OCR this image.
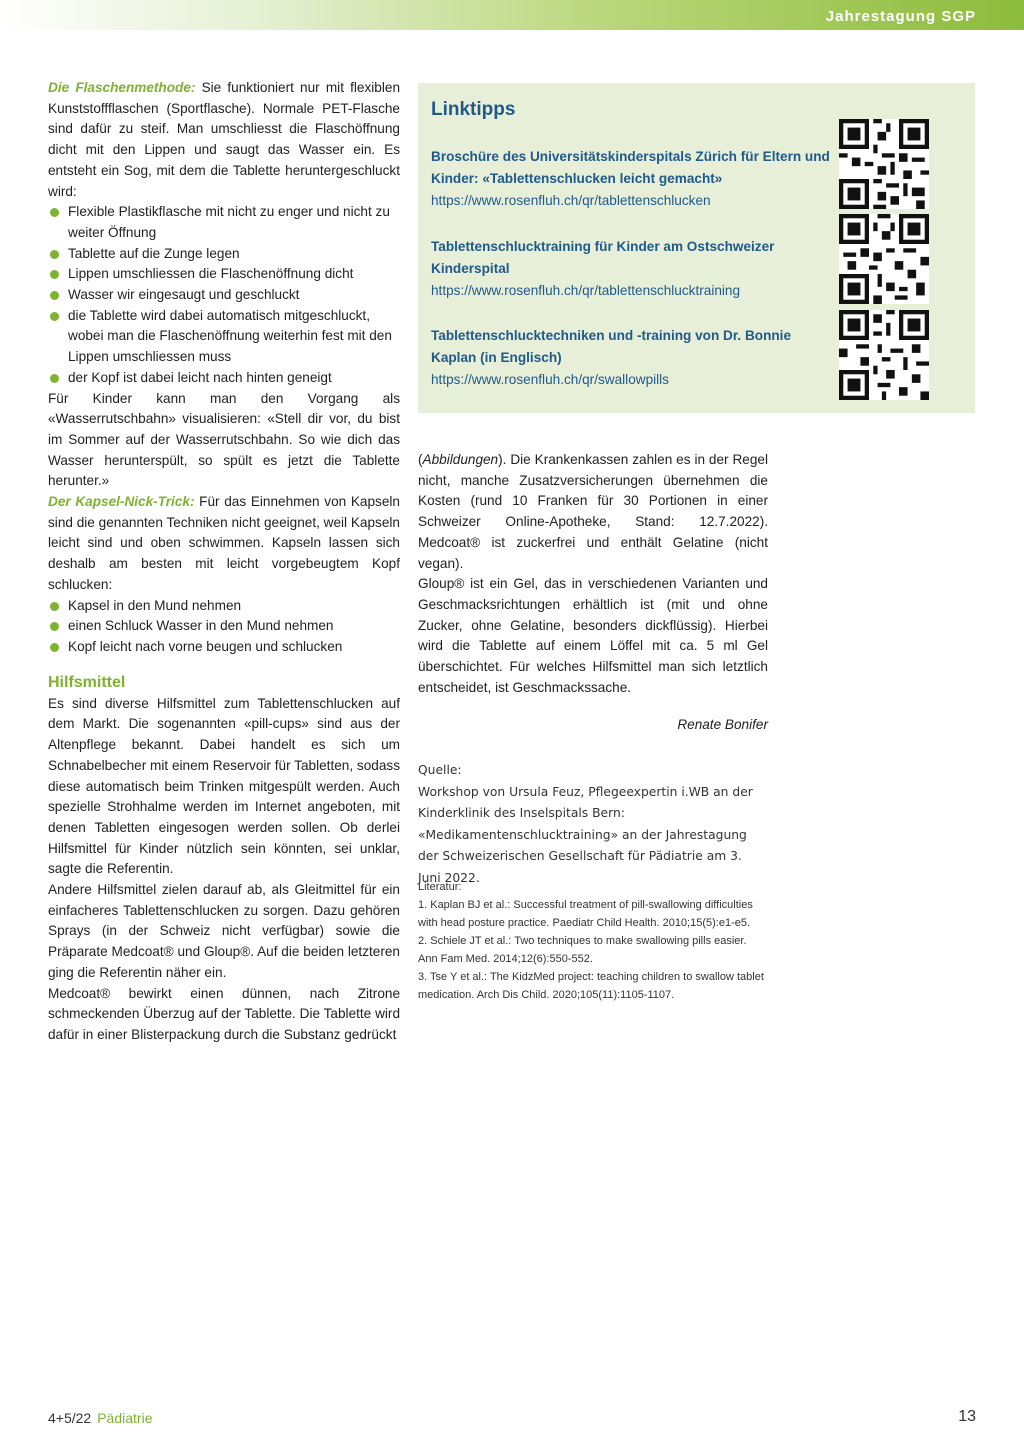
Jahrestagung SGP

Die Flaschenmethode: Sie funktioniert nur mit flexiblen Kunststoffflaschen (Sportflasche). Normale PET-Flasche sind dafür zu steif. Man umschliesst die Flaschöffnung dicht mit den Lippen und saugt das Wasser ein. Es entsteht ein Sog, mit dem die Tablette heruntergeschluckt wird:

Flexible Plastikflasche mit nicht zu enger und nicht zu weiter Öffnung
Tablette auf die Zunge legen
Lippen umschliessen die Flaschenöffnung dicht
Wasser wir eingesaugt und geschluckt
die Tablette wird dabei automatisch mitgeschluckt, wobei man die Flaschenöffnung weiterhin fest mit den Lippen umschliessen muss
der Kopf ist dabei leicht nach hinten geneigt

Für Kinder kann man den Vorgang als «Wasserrutschbahn» visualisieren: «Stell dir vor, du bist im Sommer auf der Wasserrutschbahn. So wie dich das Wasser herunterspült, so spült es jetzt die Tablette herunter.»

Der Kapsel-Nick-Trick: Für das Einnehmen von Kapseln sind die genannten Techniken nicht geeignet, weil Kapseln leicht sind und oben schwimmen. Kapseln lassen sich deshalb am besten mit leicht vorgebeugtem Kopf schlucken:

Kapsel in den Mund nehmen
einen Schluck Wasser in den Mund nehmen
Kopf leicht nach vorne beugen und schlucken
Hilfsmittel

Es sind diverse Hilfsmittel zum Tablettenschlucken auf dem Markt. Die sogenannten «pill-cups» sind aus der Altenpflege bekannt. Dabei handelt es sich um Schnabelbecher mit einem Reservoir für Tabletten, sodass diese automatisch beim Trinken mitgespült werden. Auch spezielle Strohhalme werden im Internet angeboten, mit denen Tabletten eingesogen werden sollen. Ob derlei Hilfsmittel für Kinder nützlich sein könnten, sei unklar, sagte die Referentin.

Andere Hilfsmittel zielen darauf ab, als Gleitmittel für ein einfacheres Tablettenschlucken zu sorgen. Dazu gehören Sprays (in der Schweiz nicht verfügbar) sowie die Präparate Medcoat® und Gloup®. Auf die beiden letzteren ging die Referentin näher ein.

Medcoat® bewirkt einen dünnen, nach Zitrone schmeckenden Überzug auf der Tablette. Die Tablette wird dafür in einer Blisterpackung durch die Substanz gedrückt

Linktipps
Broschüre des Universitätskinderspitals Zürich für Eltern und Kinder: «Tablettenschlucken leicht gemacht»
https://www.rosenfluh.ch/qr/tablettenschlucken
Tablettenschlucktraining für Kinder am Ostschweizer Kinderspital
https://www.rosenfluh.ch/qr/tablettenschlucktraining
Tablettenschlucktechniken und -training von Dr. Bonnie Kaplan (in Englisch)
https://www.rosenfluh.ch/qr/swallowpills

(Abbildungen). Die Krankenkassen zahlen es in der Regel nicht, manche Zusatzversicherungen übernehmen die Kosten (rund 10 Franken für 30 Portionen in einer Schweizer Online-Apotheke, Stand: 12.7.2022). Medcoat® ist zuckerfrei und enthält Gelatine (nicht vegan).

Gloup® ist ein Gel, das in verschiedenen Varianten und Geschmacksrichtungen erhältlich ist (mit und ohne Zucker, ohne Gelatine, besonders dickflüssig). Hierbei wird die Tablette auf einem Löffel mit ca. 5 ml Gel überschichtet. Für welches Hilfsmittel man sich letztlich entscheidet, ist Geschmackssache.

Renate Bonifer

Quelle:

Workshop von Ursula Feuz, Pflegeexpertin i.WB an der Kinderklinik des Inselspitals Bern: «Medikamentenschlucktraining» an der Jahrestagung der Schweizerischen Gesellschaft für Pädiatrie am 3. Juni 2022.

Literatur:

1. Kaplan BJ et al.: Successful treatment of pill-swallowing difficulties with head posture practice. Paediatr Child Health. 2010;15(5):e1-e5.

2. Schiele JT et al.: Two techniques to make swallowing pills easier. Ann Fam Med. 2014;12(6):550-552.

3. Tse Y et al.: The KidzMed project: teaching children to swallow tablet medication. Arch Dis Child. 2020;105(11):1105-1107.

4+5/22 Pädiatrie	13
